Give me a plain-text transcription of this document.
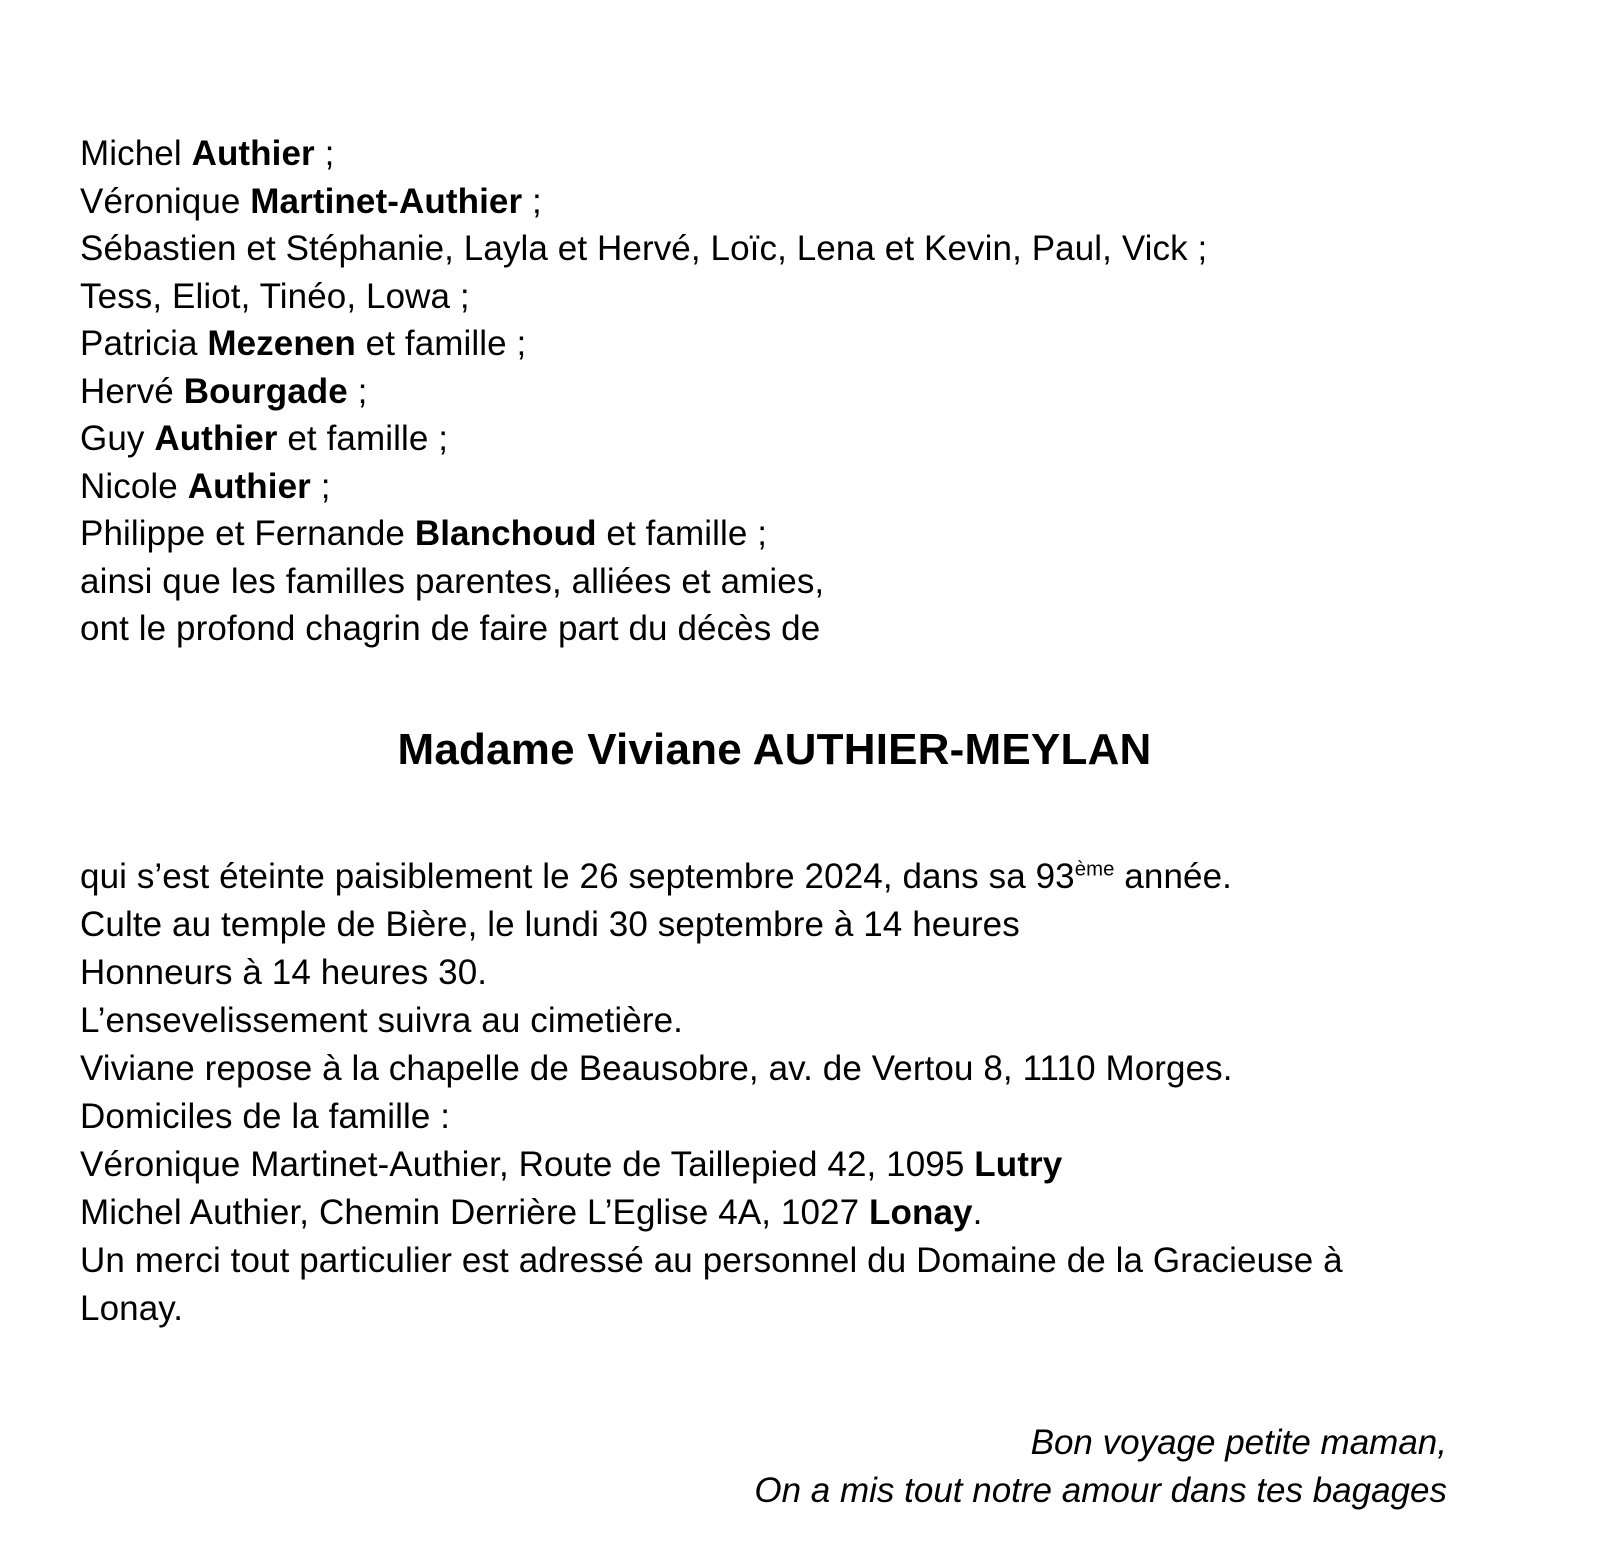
Michel Authier ;
Véronique Martinet-Authier ;
Sébastien et Stéphanie, Layla et Hervé, Loïc, Lena et Kevin, Paul, Vick ;
Tess, Eliot, Tinéo, Lowa ;
Patricia Mezenen et famille ;
Hervé Bourgade ;
Guy Authier et famille ;
Nicole Authier ;
Philippe et Fernande Blanchoud et famille ;
ainsi que les familles parentes, alliées et amies,
ont le profond chagrin de faire part du décès de
Madame Viviane AUTHIER-MEYLAN
qui s’est éteinte paisiblement le 26 septembre 2024, dans sa 93ème année.
Culte au temple de Bière, le lundi 30 septembre à 14 heures
Honneurs à 14 heures 30.
L’ensevelissement suivra au cimetière.
Viviane repose à la chapelle de Beausobre, av. de Vertou 8, 1110 Morges.
Domiciles de la famille :
Véronique Martinet-Authier, Route de Taillepied 42, 1095 Lutry
Michel Authier, Chemin Derrière L’Eglise 4A, 1027 Lonay.
Un merci tout particulier est adressé au personnel du Domaine de la Gracieuse à Lonay.
Bon voyage petite maman,
On a mis tout notre amour dans tes bagages
